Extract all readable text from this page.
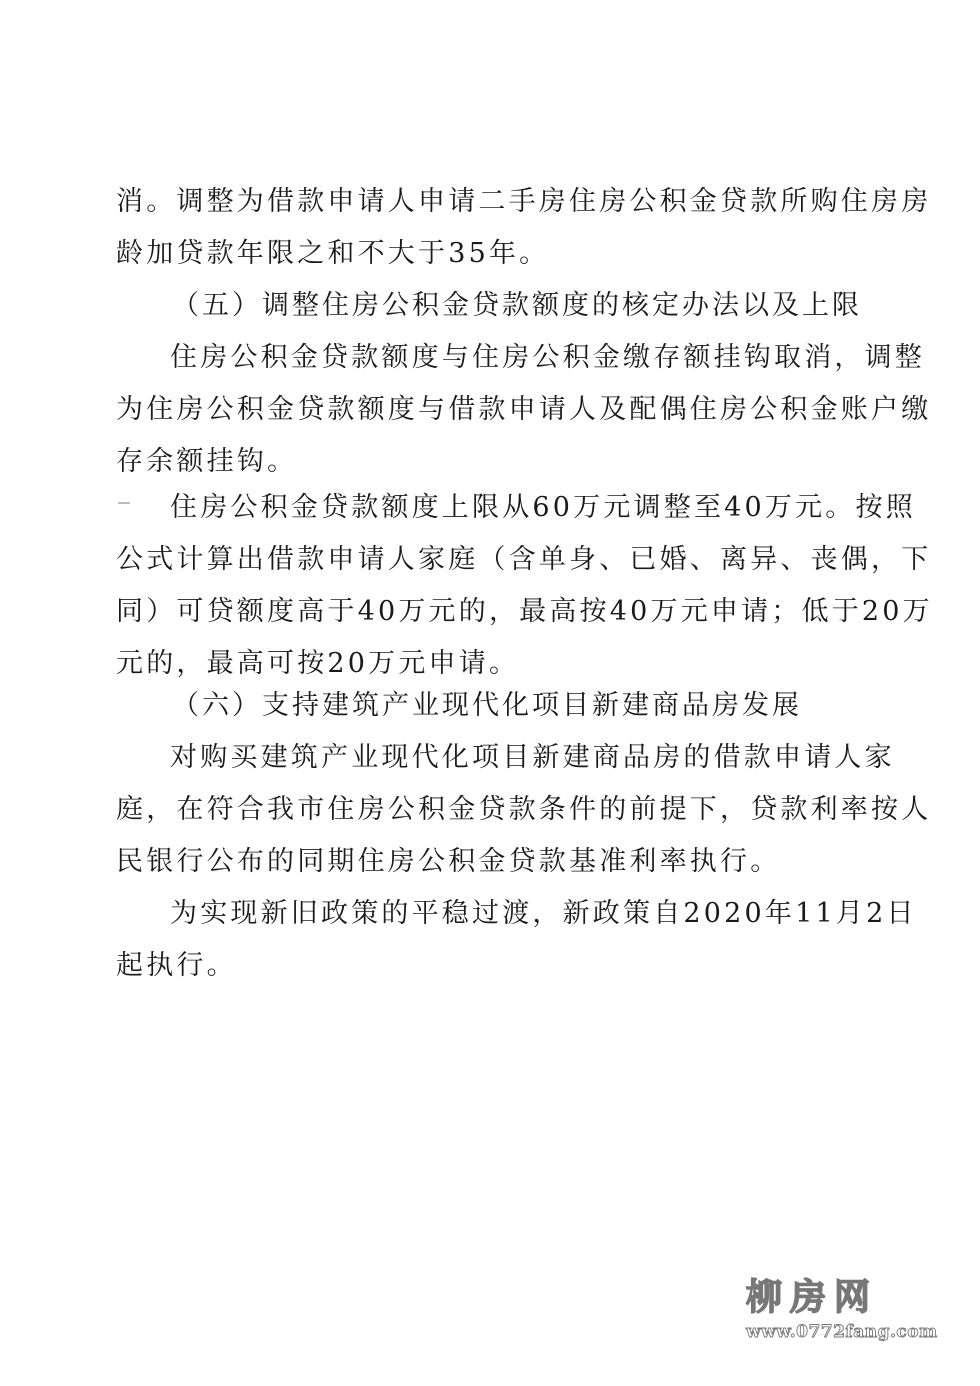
消。调整为借款申请人申请二手房住房公积金贷款所购住房房
龄加贷款年限之和不大于35年。
（五）调整住房公积金贷款额度的核定办法以及上限
住房公积金贷款额度与住房公积金缴存额挂钩取消，调整
为住房公积金贷款额度与借款申请人及配偶住房公积金账户缴
存余额挂钩。
住房公积金贷款额度上限从60万元调整至40万元。按照
公式计算出借款申请人家庭（含单身、已婚、离异、丧偶，下
同）可贷额度高于40万元的，最高按40万元申请；低于20万
元的，最高可按20万元申请。
（六）支持建筑产业现代化项目新建商品房发展
对购买建筑产业现代化项目新建商品房的借款申请人家
庭，在符合我市住房公积金贷款条件的前提下，贷款利率按人
民银行公布的同期住房公积金贷款基准利率执行。
为实现新旧政策的平稳过渡，新政策自2020年11月2日
起执行。
柳房网
www.0772fang.com
